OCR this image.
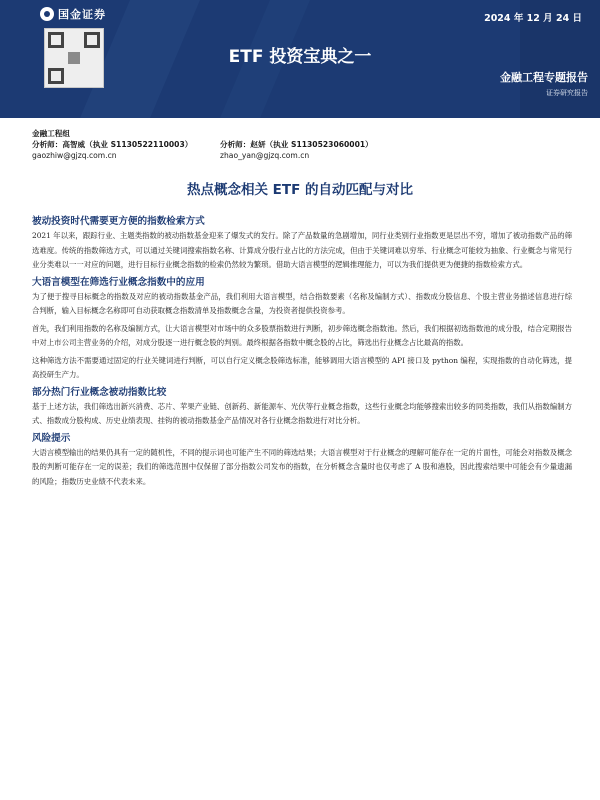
国金证券	2024 年 12 月 24 日
ETF 投资宝典之一
金融工程专题报告
证券研究报告
金融工程组
分析师：高智威（执业 S1130522110003）	分析师：赵妍（执业 S1130523060001）
gaozhiw@gjzq.com.cn	zhao_yan@gjzq.com.cn
热点概念相关 ETF 的自动匹配与对比
被动投资时代需要更方便的指数检索方式

2021 年以来，跟踪行业、主题类指数的被动指数基金迎来了爆发式的发行。除了产品数量的急剧增加，同行业类别行业指数更是层出不穷，增加了被动指数产品的筛选难度。传统的指数筛选方式，可以通过关键词搜索指数名称、计算成分股行业占比的方法完成，但由于关键词难以穷举、行业概念可能较为抽象、行业概念与常见行业分类难以一一对应的问题，进行目标行业概念指数的检索仍然较为繁琐。借助大语言模型的逻辑推理能力，可以为我们提供更为便捷的指数检索方式。

大语言模型在筛选行业概念指数中的应用

为了便于搜寻目标概念的指数及对应的被动指数基金产品，我们利用大语言模型，结合指数要素（名称及编制方式）、指数成分股信息、个股主营业务描述信息进行综合判断，输入目标概念名称即可自动获取概念指数清单及指数概念含量，为投资者提供投资参考。

首先，我们利用指数的名称及编制方式，让大语言模型对市场中的众多股票指数进行判断，初步筛选概念指数池。然后，我们根据初选指数池的成分股，结合定期报告中对上市公司主营业务的介绍，对成分股逐一进行概念股的判别。最终根据各指数中概念股的占比，筛选出行业概念占比最高的指数。

这种筛选方法不需要通过固定的行业关键词进行判断，可以自行定义概念股筛选标准，能够调用大语言模型的 API 接口及 python 编程，实现指数的自动化筛选，提高投研生产力。

部分热门行业概念被动指数比较

基于上述方法，我们筛选出新兴消费、芯片、苹果产业链、创新药、新能源车、光伏等行业概念指数，这些行业概念均能够搜索出较多的同类指数，我们从指数编制方式、指数成分股构成、历史业绩表现、挂钩的被动指数基金产品情况对各行业概念指数进行对比分析。

风险提示

大语言模型输出的结果仍具有一定的随机性，不同的提示词也可能产生不同的筛选结果；大语言模型对于行业概念的理解可能存在一定的片面性，可能会对指数及概念股的判断可能存在一定的误差；我们的筛选范围中仅保留了部分指数公司发布的指数，在分析概念含量时也仅考虑了 A 股和港股，因此搜索结果中可能会有少量遗漏的风险；指数历史业绩不代表未来。
